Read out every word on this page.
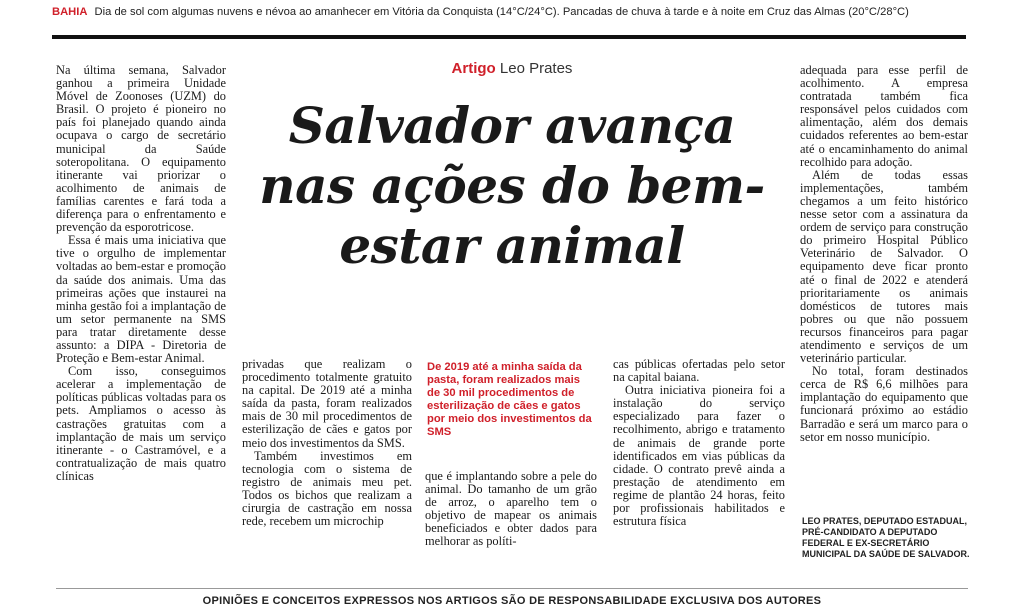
BAHIA Dia de sol com algumas nuvens e névoa ao amanhecer em Vitória da Conquista (14°C/24°C). Pancadas de chuva à tarde e à noite em Cruz das Almas (20°C/28°C)

Na última semana, Salvador ganhou a primeira Unidade Móvel de Zoonoses (UZM) do Brasil. O projeto é pioneiro no país foi planejado quando ainda ocupava o cargo de secretário municipal da Saúde soteropolitana. O equipamento itinerante vai priorizar o acolhimento de animais de famílias carentes e fará toda a diferença para o enfrentamento e prevenção da esporotricose.

Essa é mais uma iniciativa que tive o orgulho de implementar voltadas ao bem-estar e promoção da saúde dos animais. Uma das primeiras ações que instaurei na minha gestão foi a implantação de um setor permanente na SMS para tratar diretamente desse assunto: a DIPA - Diretoria de Proteção e Bem-estar Animal.

Com isso, conseguimos acelerar a implementação de políticas públicas voltadas para os pets. Ampliamos o acesso às castrações gratuitas com a implantação de mais um serviço itinerante - o Castramóvel, e a contratualização de mais quatro clínicas

Artigo Leo Prates
Salvador avança nas ações do bem-estar animal

privadas que realizam o procedimento totalmente gratuito na capital. De 2019 até a minha saída da pasta, foram realizados mais de 30 mil procedimentos de esterilização de cães e gatos por meio dos investimentos da SMS.

Também investimos em tecnologia com o sistema de registro de animais meu pet. Todos os bichos que realizam a cirurgia de castração em nossa rede, recebem um microchip

De 2019 até a minha saída da pasta, foram realizados mais de 30 mil procedimentos de esterilização de cães e gatos por meio dos investimentos da SMS

que é implantando sobre a pele do animal. Do tamanho de um grão de arroz, o aparelho tem o objetivo de mapear os animais beneficiados e obter dados para melhorar as políti-

cas públicas ofertadas pelo setor na capital baiana.

Outra iniciativa pioneira foi a instalação do serviço especializado para fazer o recolhimento, abrigo e tratamento de animais de grande porte identificados em vias públicas da cidade. O contrato prevê ainda a prestação de atendimento em regime de plantão 24 horas, feito por profissionais habilitados e estrutura física

adequada para esse perfil de acolhimento. A empresa contratada também fica responsável pelos cuidados com alimentação, além dos demais cuidados referentes ao bem-estar até o encaminhamento do animal recolhido para adoção.

Além de todas essas implementações, também chegamos a um feito histórico nesse setor com a assinatura da ordem de serviço para construção do primeiro Hospital Público Veterinário de Salvador. O equipamento deve ficar pronto até o final de 2022 e atenderá prioritariamente os animais domésticos de tutores mais pobres ou que não possuem recursos financeiros para pagar atendimento e serviços de um veterinário particular.

No total, foram destinados cerca de R$ 6,6 milhões para implantação do equipamento que funcionará próximo ao estádio Barradão e será um marco para o setor em nosso município.

LEO PRATES, DEPUTADO ESTADUAL, PRÉ-CANDIDATO A DEPUTADO FEDERAL E EX-SECRETÁRIO MUNICIPAL DA SAÚDE DE SALVADOR.
OPINIÕES E CONCEITOS EXPRESSOS NOS ARTIGOS SÃO DE RESPONSABILIDADE EXCLUSIVA DOS AUTORES
